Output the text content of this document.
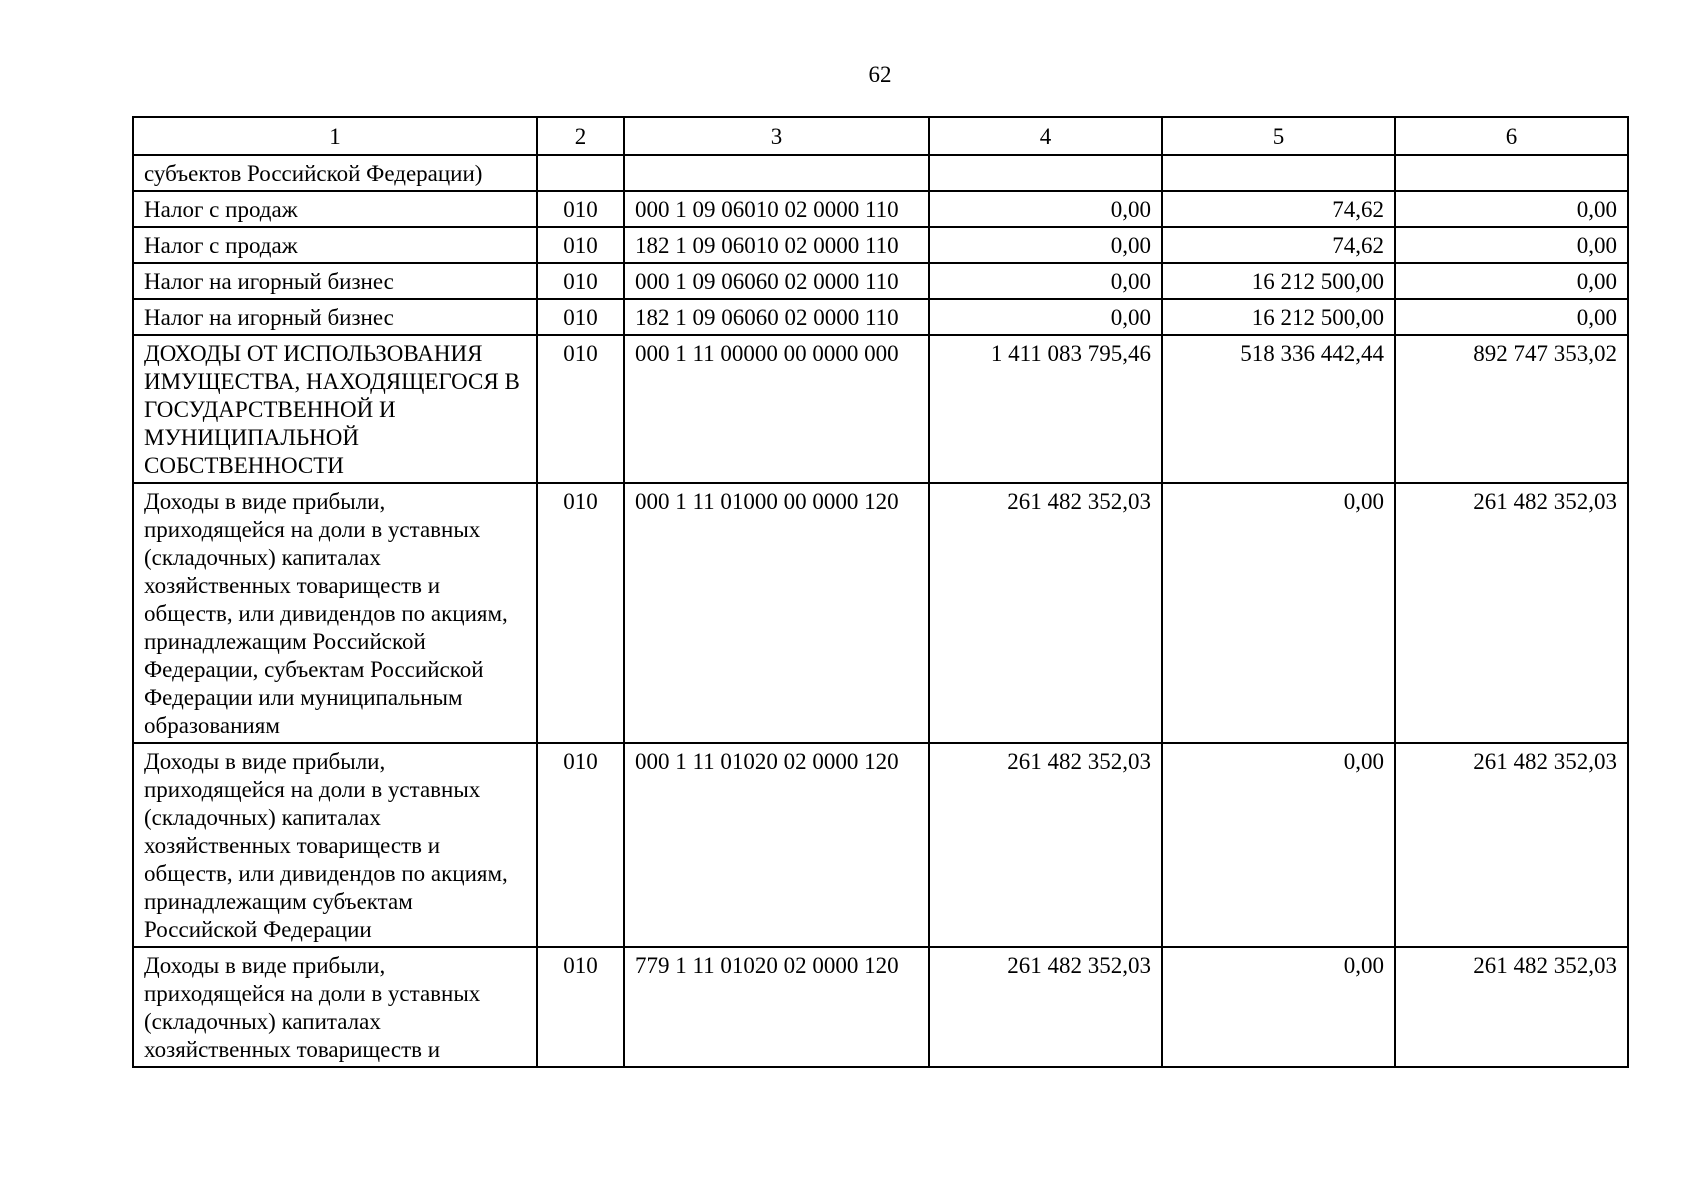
62
1	2	3	4	5	6
субъектов Российской Федерации)					
Налог с продаж	010	000 1 09 06010 02 0000 110	0,00	74,62	0,00
Налог с продаж	010	182 1 09 06010 02 0000 110	0,00	74,62	0,00
Налог на игорный бизнес	010	000 1 09 06060 02 0000 110	0,00	16 212 500,00	0,00
Налог на игорный бизнес	010	182 1 09 06060 02 0000 110	0,00	16 212 500,00	0,00
ДОХОДЫ ОТ ИСПОЛЬЗОВАНИЯ ИМУЩЕСТВА, НАХОДЯЩЕГОСЯ В ГОСУДАРСТВЕННОЙ И МУНИЦИПАЛЬНОЙ СОБСТВЕННОСТИ	010	000 1 11 00000 00 0000 000	1 411 083 795,46	518 336 442,44	892 747 353,02
Доходы в виде прибыли, приходящейся на доли в уставных (складочных) капиталах хозяйственных товариществ и обществ, или дивидендов по акциям, принадлежащим Российской Федерации, субъектам Российской Федерации или муниципальным образованиям	010	000 1 11 01000 00 0000 120	261 482 352,03	0,00	261 482 352,03
Доходы в виде прибыли, приходящейся на доли в уставных (складочных) капиталах хозяйственных товариществ и обществ, или дивидендов по акциям, принадлежащим субъектам Российской Федерации	010	000 1 11 01020 02 0000 120	261 482 352,03	0,00	261 482 352,03
Доходы в виде прибыли, приходящейся на доли в уставных (складочных) капиталах хозяйственных товариществ и	010	779 1 11 01020 02 0000 120	261 482 352,03	0,00	261 482 352,03
